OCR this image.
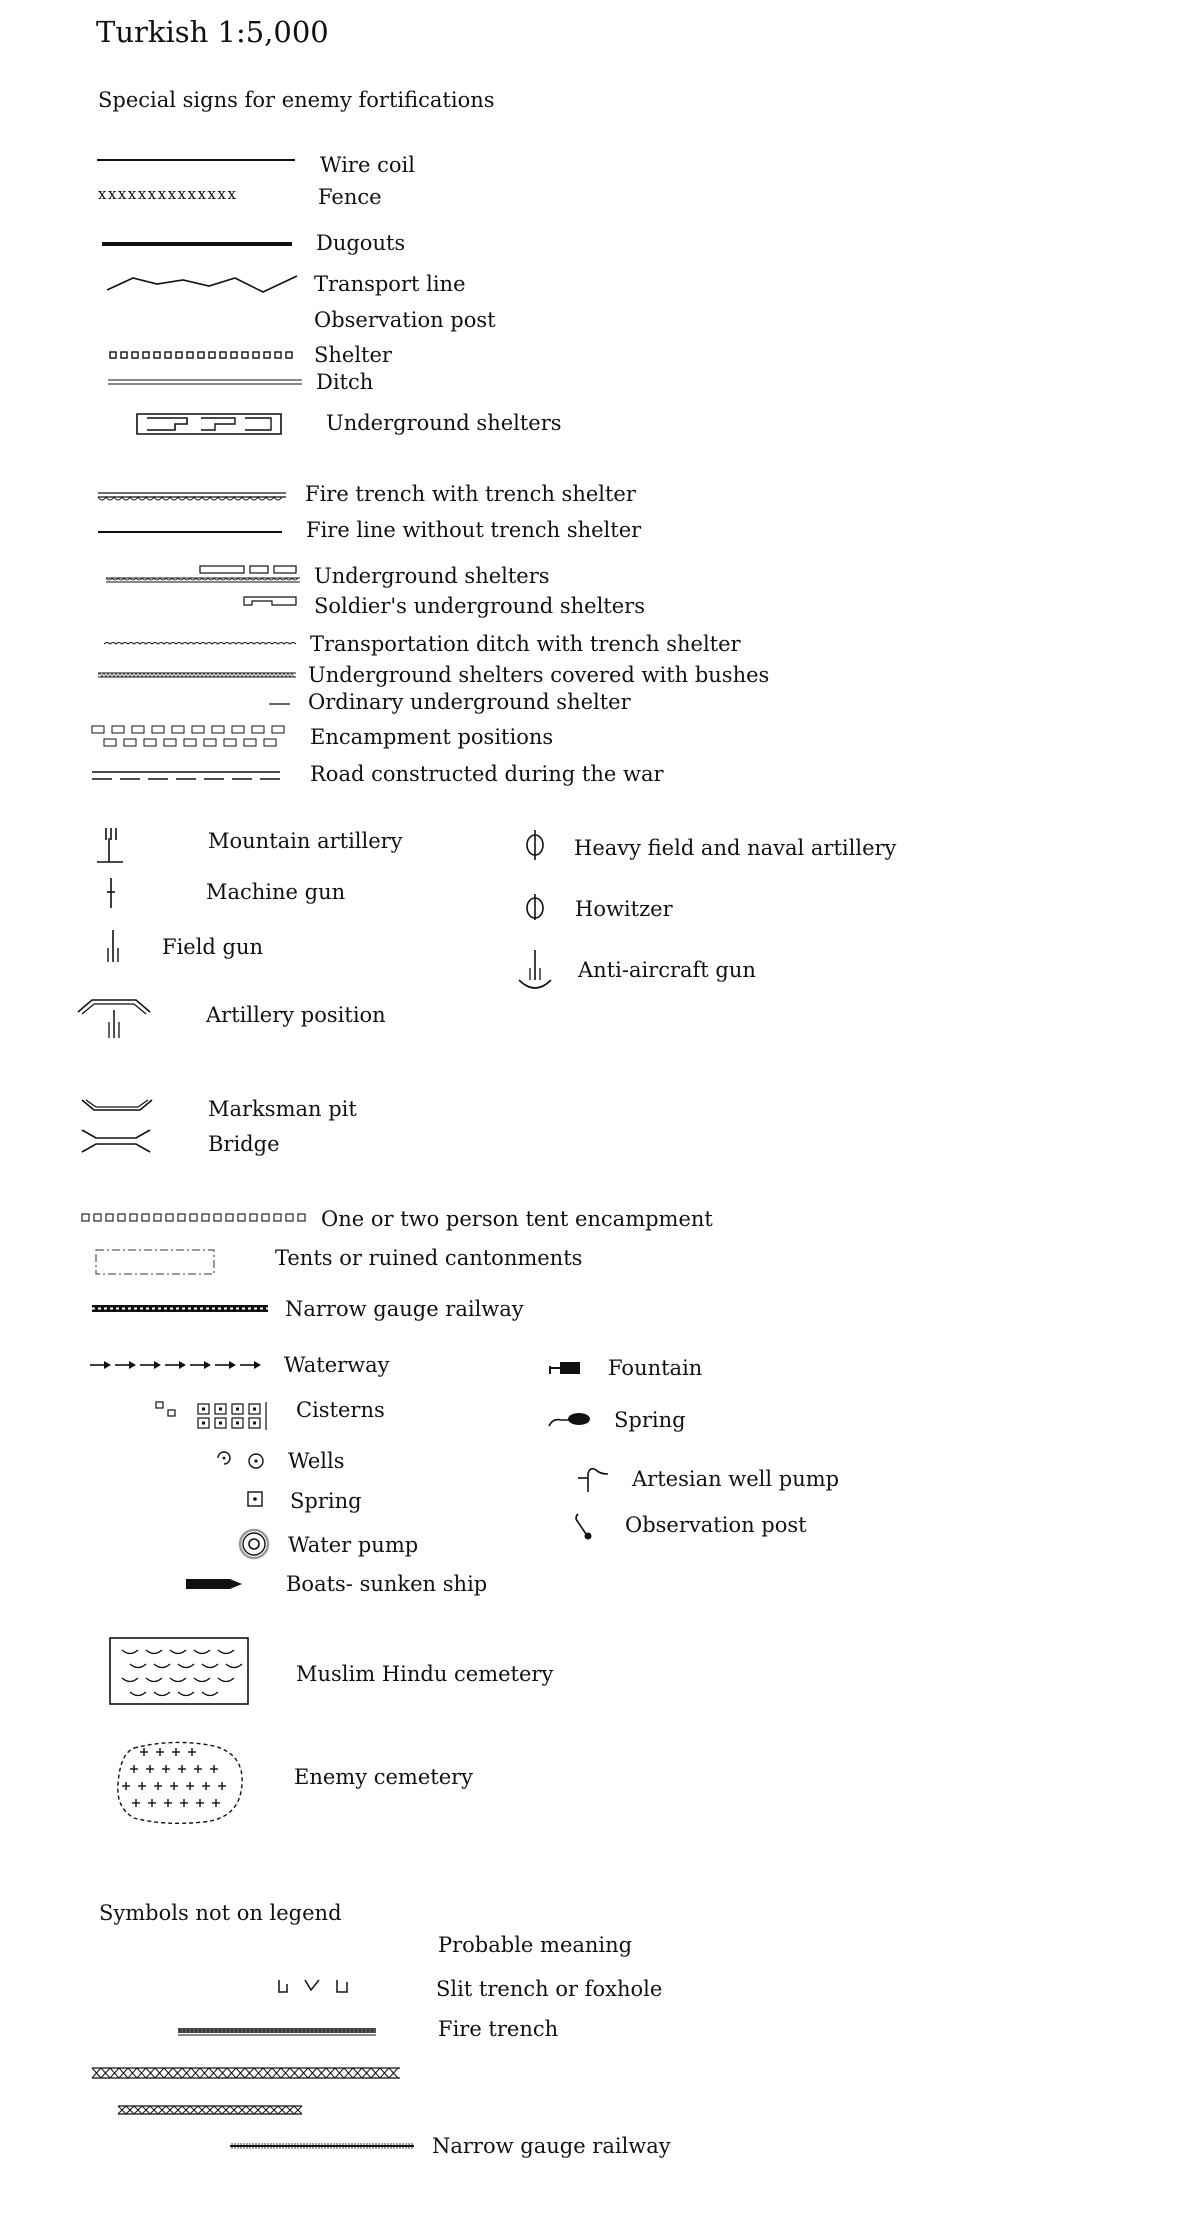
Turkish 1:5,000
Special signs for enemy fortifications
Wire coil
xxxxxxxxxxxxxx	Fence
Dugouts
Transport line
Observation post
Shelter
Ditch
Underground shelters
Fire trench with trench shelter
Fire line without trench shelter
Underground shelters
Soldier's underground shelters
Transportation ditch with trench shelter
Underground shelters covered with bushes
Ordinary underground shelter
Encampment positions
Road constructed during the war
Mountain artillery
Machine gun
Field gun
Artillery position
Heavy field and naval artillery
Howitzer
Anti-aircraft gun
Marksman pit
Bridge
One or two person tent encampment
Tents or ruined cantonments
Narrow gauge railway
Waterway
Cisterns
Wells
Spring
Water pump
Boats- sunken ship
Fountain
Spring
Artesian well pump
Observation post
Muslim Hindu cemetery
Enemy cemetery
Symbols not on legend
Probable meaning
Slit trench or foxhole
Fire trench
Narrow gauge railway
